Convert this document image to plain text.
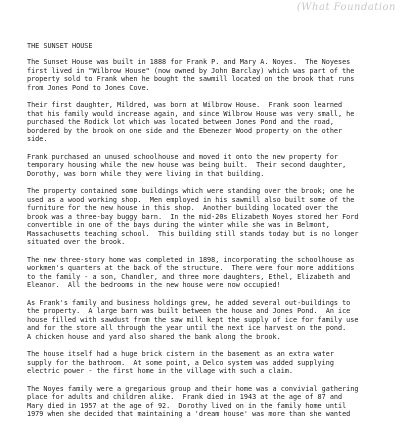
(What Foundation
THE SUNSET HOUSE
The Sunset House was built in 1888 for Frank P. and Mary A. Noyes.  The Noyeses
first lived in "Wilbrow House" (now owned by John Barclay) which was part of the
property sold to Frank when he bought the sawmill located on the brook that runs
from Jones Pond to Jones Cove.
Their first daughter, Mildred, was born at Wilbrow House.  Frank soon learned
that his family would increase again, and since Wilbrow House was very small, he
purchased the Rodick lot which was located between Jones Pond and the road,
bordered by the brook on one side and the Ebenezer Wood property on the other
side.
Frank purchased an unused schoolhouse and moved it onto the new property for
temporary housing while the new house was being built.  Their second daughter,
Dorothy, was born while they were living in that building.
The property contained some buildings which were standing over the brook; one he
used as a wood working shop.  Men employed in his sawmill also built some of the
furniture for the new house in this shop.  Another building located over the
brook was a three-bay buggy barn.  In the mid-20s Elizabeth Noyes stored her Ford
convertible in one of the bays during the winter while she was in Belmont,
Massachusetts teaching school.  This building still stands today but is no longer
situated over the brook.
The new three-story home was completed in 1898, incorporating the schoolhouse as
workmen's quarters at the back of the structure.  There were four more additions
to the family - a son, Chandler, and three more daughters, Ethel, Elizabeth and
Eleanor.  All the bedrooms in the new house were now occupied!
As Frank's family and business holdings grew, he added several out-buildings to
the property.  A large barn was built between the house and Jones Pond.  An ice
house filled with sawdust from the saw mill kept the supply of ice for family use
and for the store all through the year until the next ice harvest on the pond.
A chicken house and yard also shared the bank along the brook.
The house itself had a huge brick cistern in the basement as an extra water
supply for the bathroom.  At some point, a Delco system was added supplying
electric power - the first home in the village with such a claim.
The Noyes family were a gregarious group and their home was a convivial gathering
place for adults and children alike.  Frank died in 1943 at the age of 87 and
Mary died in 1957 at the age of 92.  Dorothy lived on in the family home until
1979 when she decided that maintaining a 'dream house' was more than she wanted
